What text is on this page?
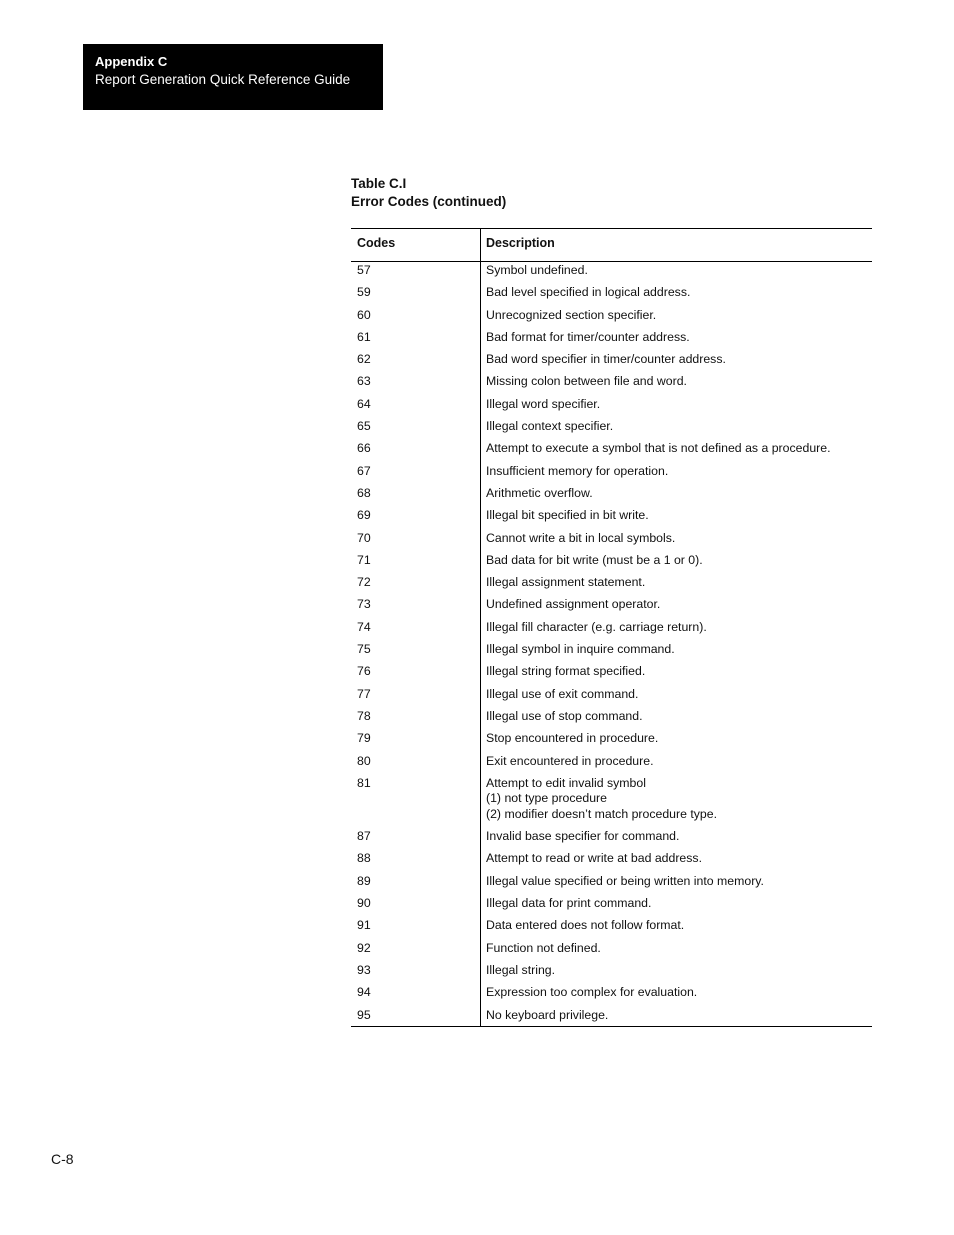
Appendix C
Report Generation Quick Reference Guide
Table C.I
Error Codes (continued)
Codes	Description
57	Symbol undefined.
59	Bad level specified in logical address.
60	Unrecognized section specifier.
61	Bad format for timer/counter address.
62	Bad word specifier in timer/counter address.
63	Missing colon between file and word.
64	Illegal word specifier.
65	Illegal context specifier.
66	Attempt to execute a symbol that is not defined as a procedure.
67	Insufficient memory for operation.
68	Arithmetic overflow.
69	Illegal bit specified in bit write.
70	Cannot write a bit in local symbols.
71	Bad data for bit write (must be a 1 or 0).
72	Illegal assignment statement.
73	Undefined assignment operator.
74	Illegal fill character (e.g. carriage return).
75	Illegal symbol in inquire command.
76	Illegal string format specified.
77	Illegal use of exit command.
78	Illegal use of stop command.
79	Stop encountered in procedure.
80	Exit encountered in procedure.
81	Attempt to edit invalid symbol
(1) not type procedure
(2) modifier doesn’t match procedure type.
87	Invalid base specifier for command.
88	Attempt to read or write at bad address.
89	Illegal value specified or being written into memory.
90	Illegal data for print command.
91	Data entered does not follow format.
92	Function not defined.
93	Illegal string.
94	Expression too complex for evaluation.
95	No keyboard privilege.
C-8
